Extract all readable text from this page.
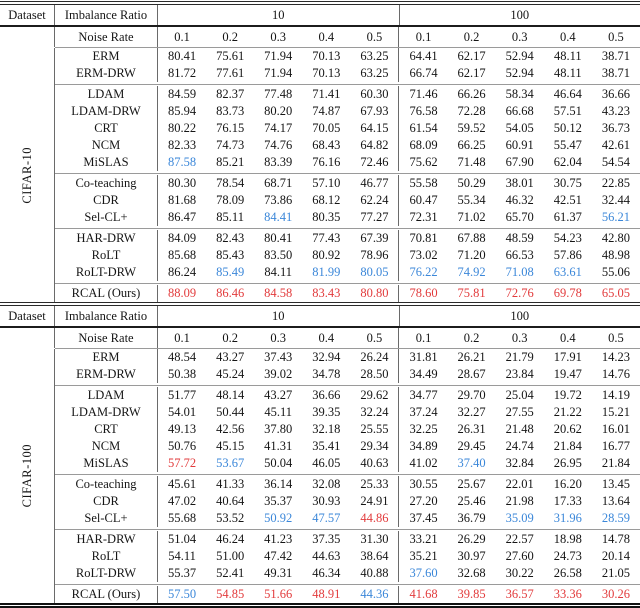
Dataset	Imbalance Ratio	10	100
Noise Rate	0.1	0.2	0.3	0.4	0.5	0.1	0.2	0.3	0.4	0.5
CIFAR-10
ERM	80.41	75.61	71.94	70.13	63.25	64.41	62.17	52.94	48.11	38.71
ERM-DRW	81.72	77.61	71.94	70.13	63.25	66.74	62.17	52.94	48.11	38.71
LDAM	84.59	82.37	77.48	71.41	60.30	71.46	66.26	58.34	46.64	36.66
LDAM-DRW	85.94	83.73	80.20	74.87	67.93	76.58	72.28	66.68	57.51	43.23
CRT	80.22	76.15	74.17	70.05	64.15	61.54	59.52	54.05	50.12	36.73
NCM	82.33	74.73	74.76	68.43	64.82	68.09	66.25	60.91	55.47	42.61
MiSLAS	87.58	85.21	83.39	76.16	72.46	75.62	71.48	67.90	62.04	54.54
Co-teaching	80.30	78.54	68.71	57.10	46.77	55.58	50.29	38.01	30.75	22.85
CDR	81.68	78.09	73.86	68.12	62.24	60.47	55.34	46.32	42.51	32.44
Sel-CL+	86.47	85.11	84.41	80.35	77.27	72.31	71.02	65.70	61.37	56.21
HAR-DRW	84.09	82.43	80.41	77.43	67.39	70.81	67.88	48.59	54.23	42.80
RoLT	85.68	85.43	83.50	80.92	78.96	73.02	71.20	66.53	57.86	48.98
RoLT-DRW	86.24	85.49	84.11	81.99	80.05	76.22	74.92	71.08	63.61	55.06
RCAL (Ours)	88.09	86.46	84.58	83.43	80.80	78.60	75.81	72.76	69.78	65.05
Dataset	Imbalance Ratio	10	100
Noise Rate	0.1	0.2	0.3	0.4	0.5	0.1	0.2	0.3	0.4	0.5
CIFAR-100
ERM	48.54	43.27	37.43	32.94	26.24	31.81	26.21	21.79	17.91	14.23
ERM-DRW	50.38	45.24	39.02	34.78	28.50	34.49	28.67	23.84	19.47	14.76
LDAM	51.77	48.14	43.27	36.66	29.62	34.77	29.70	25.04	19.72	14.19
LDAM-DRW	54.01	50.44	45.11	39.35	32.24	37.24	32.27	27.55	21.22	15.21
CRT	49.13	42.56	37.80	32.18	25.55	32.25	26.31	21.48	20.62	16.01
NCM	50.76	45.15	41.31	35.41	29.34	34.89	29.45	24.74	21.84	16.77
MiSLAS	57.72	53.67	50.04	46.05	40.63	41.02	37.40	32.84	26.95	21.84
Co-teaching	45.61	41.33	36.14	32.08	25.33	30.55	25.67	22.01	16.20	13.45
CDR	47.02	40.64	35.37	30.93	24.91	27.20	25.46	21.98	17.33	13.64
Sel-CL+	55.68	53.52	50.92	47.57	44.86	37.45	36.79	35.09	31.96	28.59
HAR-DRW	51.04	46.24	41.23	37.35	31.30	33.21	26.29	22.57	18.98	14.78
RoLT	54.11	51.00	47.42	44.63	38.64	35.21	30.97	27.60	24.73	20.14
RoLT-DRW	55.37	52.41	49.31	46.34	40.88	37.60	32.68	30.22	26.58	21.05
RCAL (Ours)	57.50	54.85	51.66	48.91	44.36	41.68	39.85	36.57	33.36	30.26
